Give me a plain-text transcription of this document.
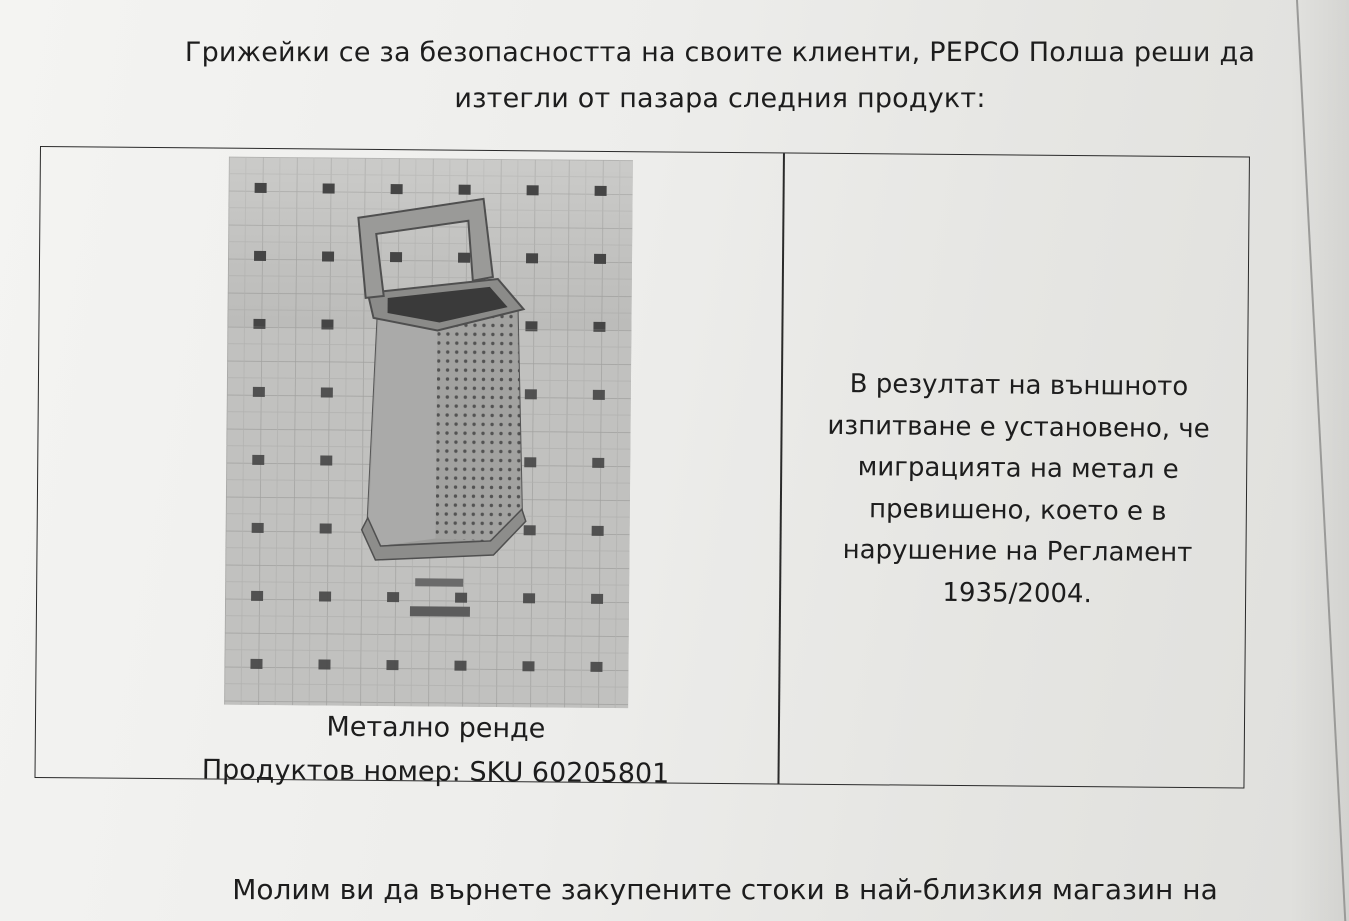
Грижейки се за безопасността на своите клиенти, PEPCO Полша реши да
изтегли от пазара следния продукт:
Метално ренде
Продуктов номер: SKU 60205801
В резултат на външното
изпитване е установено, че
миграцията на метал е
превишено, което е в
нарушение на Регламент
1935/2004.
Молим ви да върнете закупените стоки в най-близкия магазин на
